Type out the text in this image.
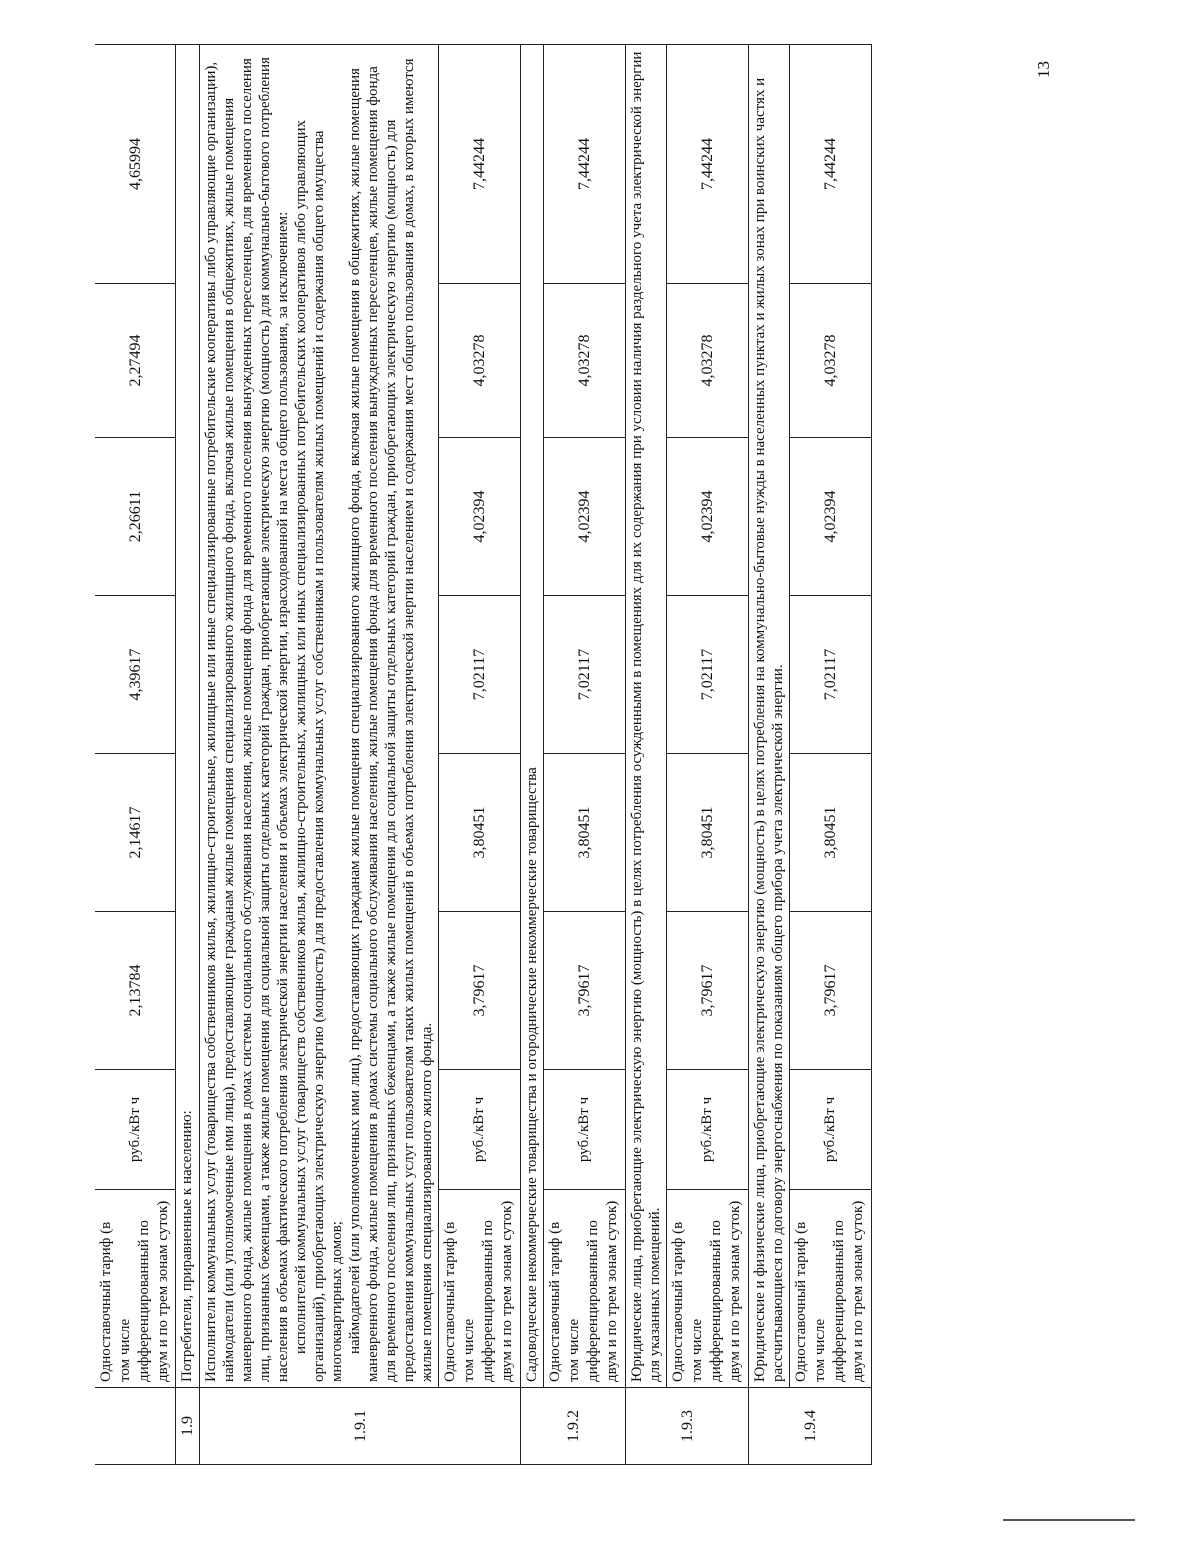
	Одноставочный тариф (в том числе дифференцированный по двум и по трем зонам суток)	руб./кВт ч	2,13784	2,14617	4,39617	2,26611	2,27494	4,65994
1.9	Потребители, приравненные к населению:							
1.9.1	Исполнители коммунальных услуг (товарищества собственников жилья, жилищно-строительные, жилищные или иные специализированные потребительские кооперативы либо управляющие организации), наймодатели (или уполномоченные ими лица), предоставляющие гражданам жилые помещения специализированного жилищного фонда, включая жилые помещения в общежитиях, жилые помещения маневренного фонда, жилые помещения в домах системы социального обслуживания населения, жилые помещения фонда для временного поселения вынужденных переселенцев, для временного поселения лиц, признанных беженцами, а также жилые помещения для социальной защиты отдельных категорий граждан, приобретающие электрическую энергию (мощность) для коммунально-бытового потребления населения в объемах фактического потребления электрической энергии населения и объемах электрической энергии, израсходованной на места общего пользования, за исключением: исполнителей коммунальных услуг (товариществ собственников жилья, жилищно-строительных, жилищных или иных специализированных потребительских кооперативов либо управляющих организаций), приобретающих электрическую энергию (мощность) для предоставления коммунальных услуг собственникам и пользователям жилых помещений и содержания общего имущества многоквартирных домов; наймодателей (или уполномоченных ими лиц), предоставляющих гражданам жилые помещения специализированного жилищного фонда, включая жилые помещения в общежитиях, жилые помещения маневренного фонда, жилые помещения в домах системы социального обслуживания населения, жилые помещения фонда для временного поселения вынужденных переселенцев, жилые помещения фонда для временного поселения лиц, признанных беженцами, а также жилые помещения для социальной защиты отдельных категорий граждан, приобретающих электрическую энергию (мощность) для предоставления коммунальных услуг пользователям таких жилых помещений в объемах потребления электрической энергии населением и содержания мест общего пользования в домах, в которых имеются жилые помещения специализированного жилого фонда.							

	Одноставочный тариф (в том числе дифференцированный по двум и по трем зонам суток)	руб./кВт ч	3,79617	3,80451	7,02117	4,02394	4,03278	7,44244
1.9.2	Садоводческие некоммерческие товарищества и огороднические некоммерческие товарищества							
	Одноставочный тариф (в том числе дифференцированный по двум и по трем зонам суток)	руб./кВт ч	3,79617	3,80451	7,02117	4,02394	4,03278	7,44244
1.9.3	Юридические лица, приобретающие электрическую энергию (мощность) в целях потребления осужденными в помещениях для их содержания при условии наличия раздельного учета электрической энергии для указанных помещений.							
	Одноставочный тариф (в том числе дифференцированный по двум и по трем зонам суток)	руб./кВт ч	3,79617	3,80451	7,02117	4,02394	4,03278	7,44244
1.9.4	Юридические и физические лица, приобретающие электрическую энергию (мощность) в целях потребления на коммунально-бытовые нужды в населенных пунктах и жилых зонах при воинских частях и рассчитывающиеся по договору энергоснабжения по показаниям общего прибора учета электрической энергии.							
	Одноставочный тариф (в том числе дифференцированный по двум и по трем зонам суток)	руб./кВт ч	3,79617	3,80451	7,02117	4,02394	4,03278	7,44244
13
